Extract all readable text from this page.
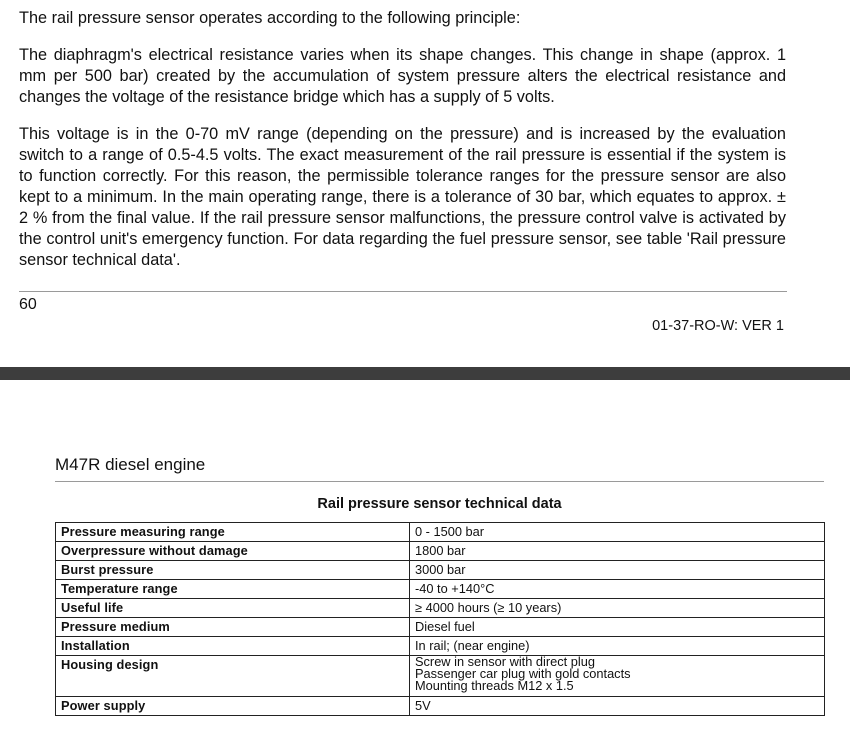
The rail pressure sensor operates according to the following principle:

The diaphragm's electrical resistance varies when its shape changes. This change in shape (approx. 1 mm per 500 bar) created by the accumulation of system pressure alters the electrical resistance and changes the voltage of the resistance bridge which has a supply of 5 volts.

This voltage is in the 0-70 mV range (depending on the pressure) and is increased by the evaluation switch to a range of 0.5-4.5 volts. The exact measurement of the rail pressure is essential if the system is to function correctly. For this reason, the permissible tolerance ranges for the pressure sensor are also kept to a minimum. In the main operating range, there is a tolerance of 30 bar, which equates to approx. ± 2 % from the final value. If the rail pressure sensor malfunctions, the pressure control valve is activated by the control unit's emergency function. For data regarding the fuel pressure sensor, see table 'Rail pressure sensor technical data'.

60
01-37-RO-W: VER 1
M47R diesel engine
Rail pressure sensor technical data
Pressure measuring range	0 - 1500 bar
Overpressure without damage	1800 bar
Burst pressure	3000 bar
Temperature range	-40 to +140°C
Useful life	≥ 4000 hours (≥ 10 years)
Pressure medium	Diesel fuel
Installation	In rail; (near engine)
Housing design	Screw in sensor with direct plug
Passenger car plug with gold contacts
Mounting threads M12 x 1.5

Power supply	5V
